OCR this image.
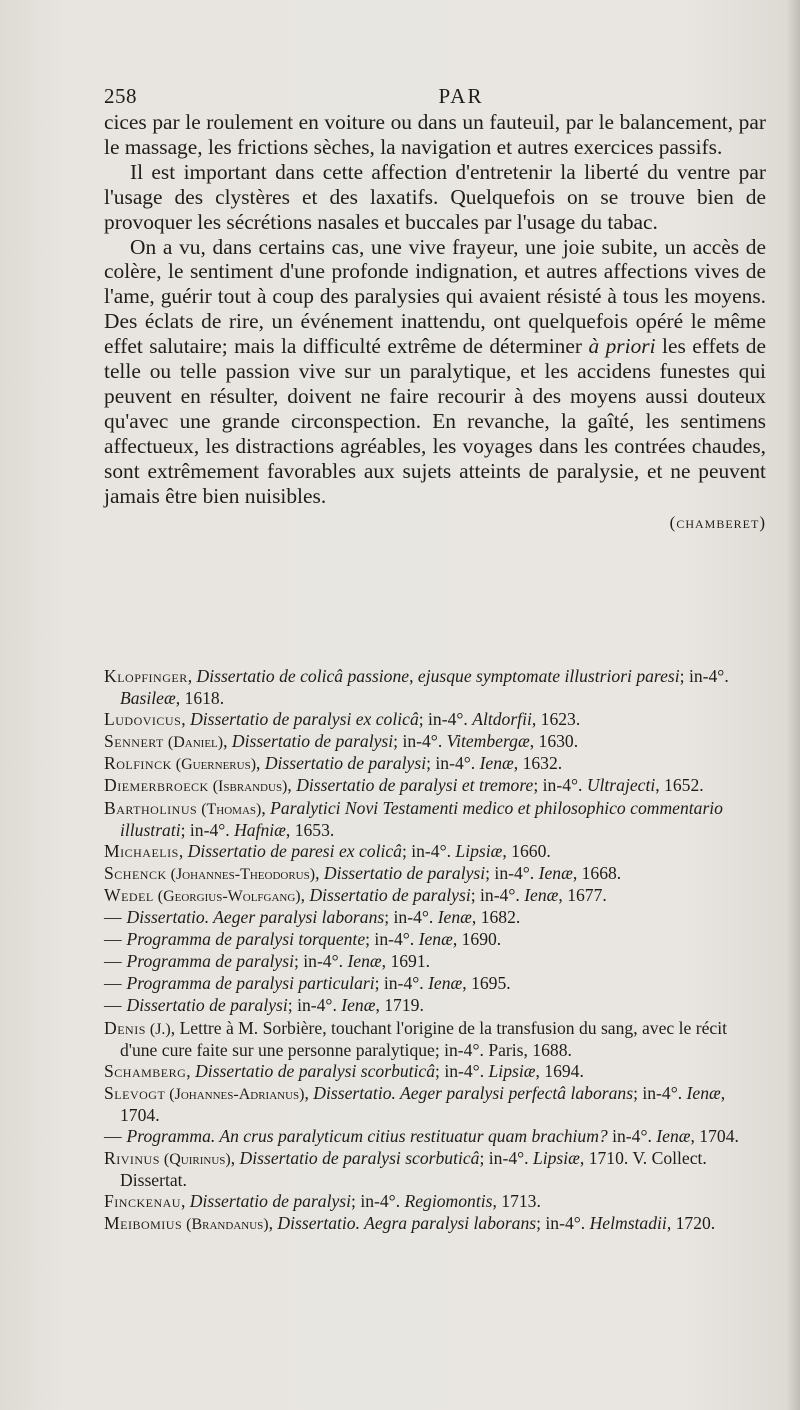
258	PAR

cices par le roulement en voiture ou dans un fauteuil, par le balancement, par le massage, les frictions sèches, la navigation et autres exercices passifs.

Il est important dans cette affection d'entretenir la liberté du ventre par l'usage des clystères et des laxatifs. Quelquefois on se trouve bien de provoquer les sécrétions nasales et buccales par l'usage du tabac.

On a vu, dans certains cas, une vive frayeur, une joie subite, un accès de colère, le sentiment d'une profonde indignation, et autres affections vives de l'ame, guérir tout à coup des paralysies qui avaient résisté à tous les moyens. Des éclats de rire, un événement inattendu, ont quelquefois opéré le même effet salutaire; mais la difficulté extrême de déterminer à priori les effets de telle ou telle passion vive sur un paralytique, et les accidens funestes qui peuvent en résulter, doivent ne faire recourir à des moyens aussi douteux qu'avec une grande circonspection. En revanche, la gaîté, les sentimens affectueux, les distractions agréables, les voyages dans les contrées chaudes, sont extrêmement favorables aux sujets atteints de paralysie, et ne peuvent jamais être bien nuisibles.

(chamberet)

Klopfinger, Dissertatio de colicâ passione, ejusque symptomate illustriori paresi; in-4°. Basileæ, 1618.

Ludovicus, Dissertatio de paralysi ex colicâ; in-4°. Altdorfii, 1623.

Sennert (Daniel), Dissertatio de paralysi; in-4°. Vitembergæ, 1630.

Rolfinck (Guernerus), Dissertatio de paralysi; in-4°. Ienæ, 1632.

Diemerbroeck (Isbrandus), Dissertatio de paralysi et tremore; in-4°. Ultrajecti, 1652.

Bartholinus (Thomas), Paralytici Novi Testamenti medico et philosophico commentario illustrati; in-4°. Hafniæ, 1653.

Michaelis, Dissertatio de paresi ex colicâ; in-4°. Lipsiæ, 1660.

Schenck (Johannes-Theodorus), Dissertatio de paralysi; in-4°. Ienæ, 1668.

Wedel (Georgius-Wolfgang), Dissertatio de paralysi; in-4°. Ienæ, 1677.

— Dissertatio. Aeger paralysi laborans; in-4°. Ienæ, 1682.

— Programma de paralysi torquente; in-4°. Ienæ, 1690.

— Programma de paralysi; in-4°. Ienæ, 1691.

— Programma de paralysi particulari; in-4°. Ienæ, 1695.

— Dissertatio de paralysi; in-4°. Ienæ, 1719.

Denis (J.), Lettre à M. Sorbière, touchant l'origine de la transfusion du sang, avec le récit d'une cure faite sur une personne paralytique; in-4°. Paris, 1688.

Schamberg, Dissertatio de paralysi scorbuticâ; in-4°. Lipsiæ, 1694.

Slevogt (Johannes-Adrianus), Dissertatio. Aeger paralysi perfectâ laborans; in-4°. Ienæ, 1704.

— Programma. An crus paralyticum citius restituatur quam brachium? in-4°. Ienæ, 1704.

Rivinus (Quirinus), Dissertatio de paralysi scorbuticâ; in-4°. Lipsiæ, 1710. V. Collect. Dissertat.

Finckenau, Dissertatio de paralysi; in-4°. Regiomontis, 1713.

Meibomius (Brandanus), Dissertatio. Aegra paralysi laborans; in-4°. Helmstadii, 1720.
